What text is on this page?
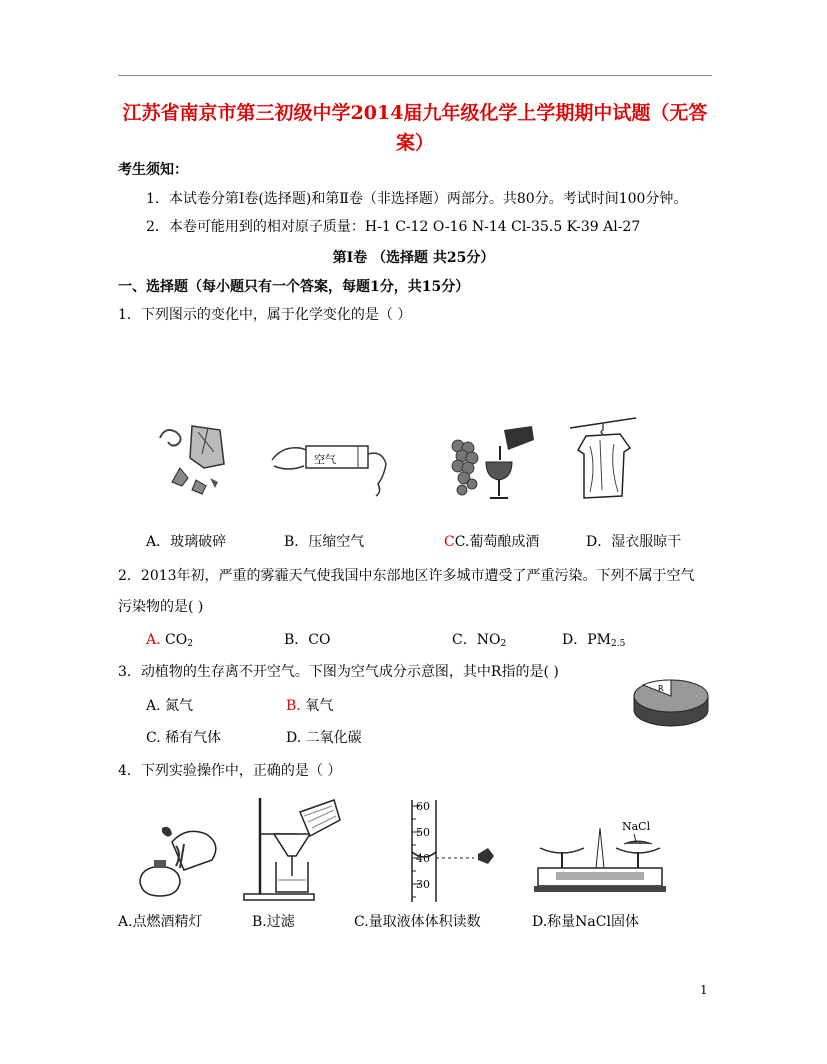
江苏省南京市第三初级中学2014届九年级化学上学期期中试题（无答
案）
考生须知：
1．本试卷分第Ⅰ卷(选择题)和第Ⅱ卷（非选择题）两部分。共80分。考试时间100分钟。
2．本卷可能用到的相对原子质量：H-1 C-12 O-16 N-14 Cl-35.5 K-39 Al-27
第Ⅰ卷 （选择题 共25分）
一、选择题（每小题只有一个答案，每题1分，共15分）
1．下列图示的变化中，属于化学变化的是（ ）
空气
A．玻璃破碎	B．压缩空气	CC.葡萄酿成酒	D．湿衣服晾干
2．2013年初，严重的雾霾天气使我国中东部地区许多城市遭受了严重污染。下列不属于空气
污染物的是( )
A. $CO_2$	B．CO	C．$NO_2$	D．$PM_{2.5}$
3．动植物的生存离不开空气。下图为空气成分示意图，其中R指的是( )
A. 氮气	B. 氧气
C. 稀有气体	D. 二氧化碳
R
4．下列实验操作中，正确的是（ ）
60
50
40
30
NaCl
A.点燃酒精灯	B.过滤	C.量取液体体积读数	D.称量NaCl固体
1
